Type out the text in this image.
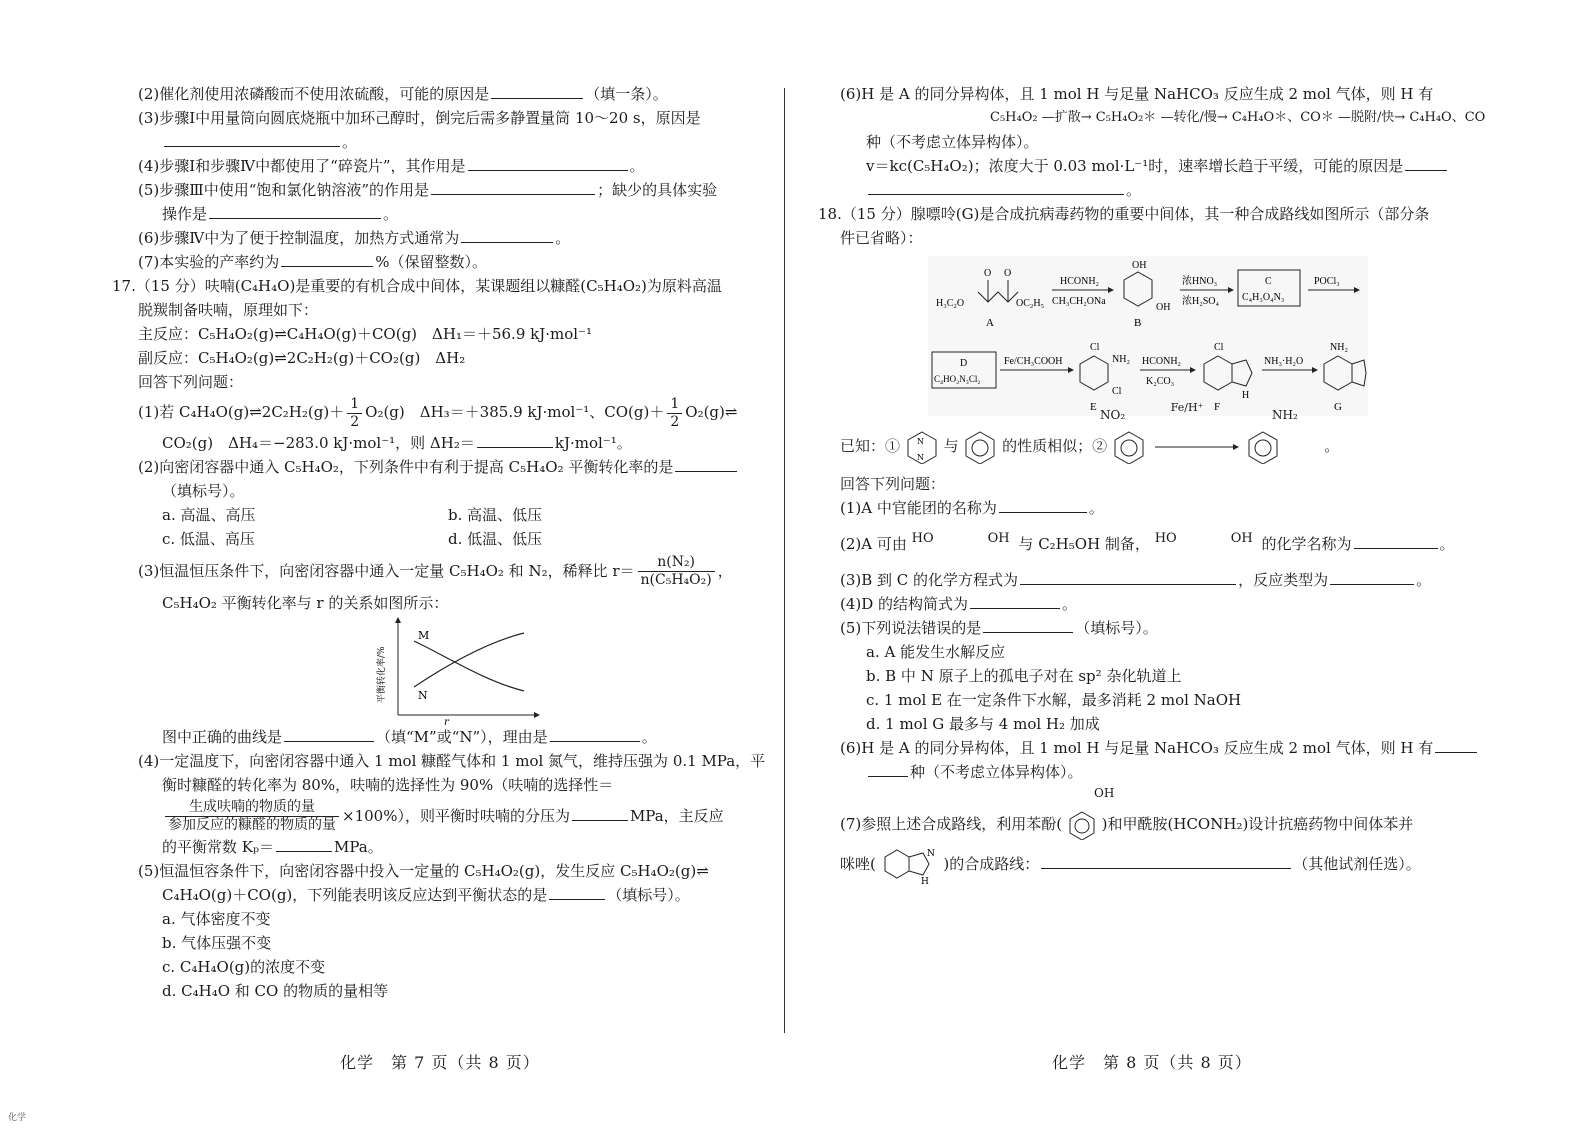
(2)催化剂使用浓磷酸而不使用浓硫酸，可能的原因是	（填一条）。
(3)步骤Ⅰ中用量筒向圆底烧瓶中加环己醇时，倒完后需多静置量筒 10～20 s，原因是
。
(4)步骤Ⅰ和步骤Ⅳ中都使用了“碎瓷片”，其作用是	。
(5)步骤Ⅲ中使用“饱和氯化钠溶液”的作用是	；缺少的具体实验
操作是	。
(6)步骤Ⅳ中为了便于控制温度，加热方式通常为	。
(7)本实验的产率约为	%（保留整数）。
17.（15 分）呋喃(C₄H₄O)是重要的有机合成中间体，某课题组以糠醛(C₅H₄O₂)为原料高温
脱羰制备呋喃，原理如下：
主反应：C₅H₄O₂(g)⇌C₄H₄O(g)＋CO(g)　ΔH₁＝＋56.9 kJ·mol⁻¹
副反应：C₅H₄O₂(g)⇌2C₂H₂(g)＋CO₂(g)　ΔH₂
回答下列问题：
(1)若 C₄H₄O(g)⇌2C₂H₂(g)＋ $\frac{1}{2} O_2(g)$　ΔH₃＝＋385.9 kJ·mol⁻¹、$CO(g)+ \frac{1}{2}$ O₂(g)⇌
CO₂(g)　ΔH₄＝−283.0 kJ·mol⁻¹，则 ΔH₂＝	kJ·mol⁻¹。
(2)向密闭容器中通入 C₅H₄O₂，下列条件中有利于提高 C₅H₄O₂ 平衡转化率的是
（填标号）。
a. 高温、高压	b. 高温、低压
c. 低温、高压	d. 低温、低压
(3)恒温恒压条件下，向密闭容器中通入一定量 C₅H₄O₂ 和 N₂，稀释比 $r= \frac{\text{n(N₂)}}{\text{n(C₅H₄O₂)}}$ ，
C₅H₄O₂ 平衡转化率与 r 的关系如图所示：
M
N
r
平衡转化率/%
图中正确的曲线是	（填“M”或“N”），理由是	。
(4)一定温度下，向密闭容器中通入 1 mol 糠醛气体和 1 mol 氮气，维持压强为 0.1 MPa，平
衡时糠醛的转化率为 80%，呋喃的选择性为 90%（呋喃的选择性＝
$\frac{\text{生成呋喃的物质的量}}{\text{参加反应的糠醛的物质的量}} \times 100\%$），则平衡时呋喃的分压为	MPa，主反应
的平衡常数 Kₚ＝	MPa。
(5)恒温恒容条件下，向密闭容器中投入一定量的 C₅H₄O₂(g)，发生反应 C₅H₄O₂(g)⇌
C₄H₄O(g)＋CO(g)，下列能表明该反应达到平衡状态的是	（填标号）。
a. 气体密度不变
b. 气体压强不变
c. C₄H₄O(g)的浓度不变
d. C₄H₄O 和 CO 的物质的量相等
(6)H 是 A 的同分异构体，且 1 mol H 与足量 NaHCO₃ 反应生成 2 mol 气体，则 H 有
C₅H₄O₂ —扩散→ C₅H₄O₂＊ —转化/慢→ C₄H₄O＊、CO＊ —脱附/快→ C₄H₄O、CO
种（不考虑立体异构体）。
v＝kc(C₅H₄O₂)；浓度大于 0.03 mol·L⁻¹时，速率增长趋于平缓，可能的原因是
。
18.（15 分）腺嘌呤(G)是合成抗病毒药物的重要中间体，其一种合成路线如图所示（部分条
件已省略）：
O O
H₃C₂O	OC₂H₅
A
HCONH₂
CH₃CH₂ONa
OH
OH
B
浓HNO₃
浓H₂SO₄
C
C₄H₃O₄N₃
POCl₃
D
C₄HO₂N₃Cl₂
Fe/CH₃COOH
Cl
NH₂
Cl
E
HCONH₂
K₂CO₃
Cl
H
F
NH₃·H₂O
NH₂
G
已知：① N
N
与	的性质相似；②
NO₂
Fe/H⁺

NH₂
。
回答下列问题：
(1)A 中官能团的名称为	。
(2)A 可由 HO	OH 与 C₂H₅OH 制备， HO	OH 的化学名称为	。
(3)B 到 C 的化学方程式为	，反应类型为	。
(4)D 的结构简式为	。
(5)下列说法错误的是	（填标号）。
a. A 能发生水解反应
b. B 中 N 原子上的孤电子对在 sp² 杂化轨道上
c. 1 mol E 在一定条件下水解，最多消耗 2 mol NaOH
d. 1 mol G 最多与 4 mol H₂ 加成
(6)H 是 A 的同分异构体，且 1 mol H 与足量 NaHCO₃ 反应生成 2 mol 气体，则 H 有
种（不考虑立体异构体）。
OH
(7)参照上述合成路线，利用苯酚(	)和甲酰胺(HCONH₂)设计抗癌药物中间体苯并
咪唑(
N
H
)的合成路线：	（其他试剂任选）。
化学　第 7 页（共 8 页）	化学　第 8 页（共 8 页）
化学
